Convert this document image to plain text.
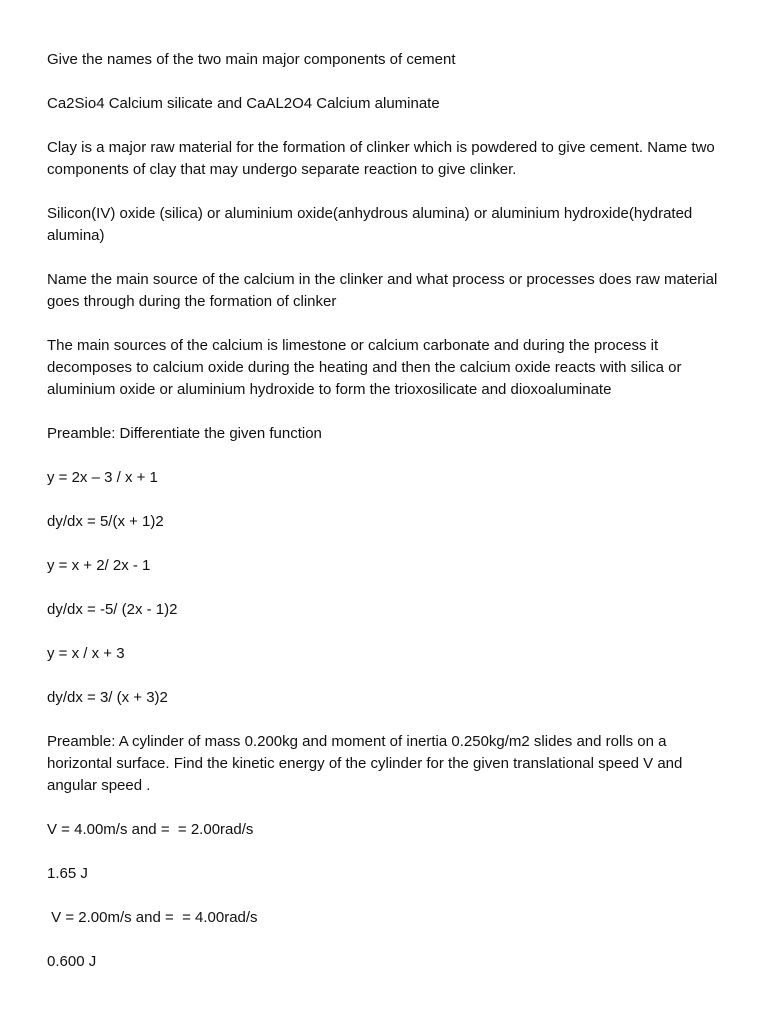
Give the names of the two main major components of cement

Ca2Sio4 Calcium silicate and CaAL2O4 Calcium aluminate

Clay is a major raw material for the formation of clinker which is powdered to give cement. Name two components of clay that may undergo separate reaction to give clinker.

Silicon(IV) oxide (silica) or aluminium oxide(anhydrous alumina) or aluminium hydroxide(hydrated alumina)

Name the main source of the calcium in the clinker and what process or processes does raw material goes through during the formation of clinker

The main sources of the calcium is limestone or calcium carbonate and during the process it decomposes to calcium oxide during the heating and then the calcium oxide reacts with silica or aluminium oxide or aluminium hydroxide to form the trioxosilicate and dioxoaluminate

Preamble: Differentiate the given function

y = 2x – 3 / x + 1

dy/dx = 5/(x + 1)2

y = x + 2/ 2x - 1

dy/dx = -5/ (2x - 1)2

y = x / x + 3

dy/dx = 3/ (x + 3)2

Preamble: A cylinder of mass 0.200kg and moment of inertia 0.250kg/m2 slides and rolls on a horizontal surface. Find the kinetic energy of the cylinder for the given translational speed V and angular speed .

V = 4.00m/s and =  = 2.00rad/s

1.65 J

V = 2.00m/s and =  = 4.00rad/s

0.600 J
